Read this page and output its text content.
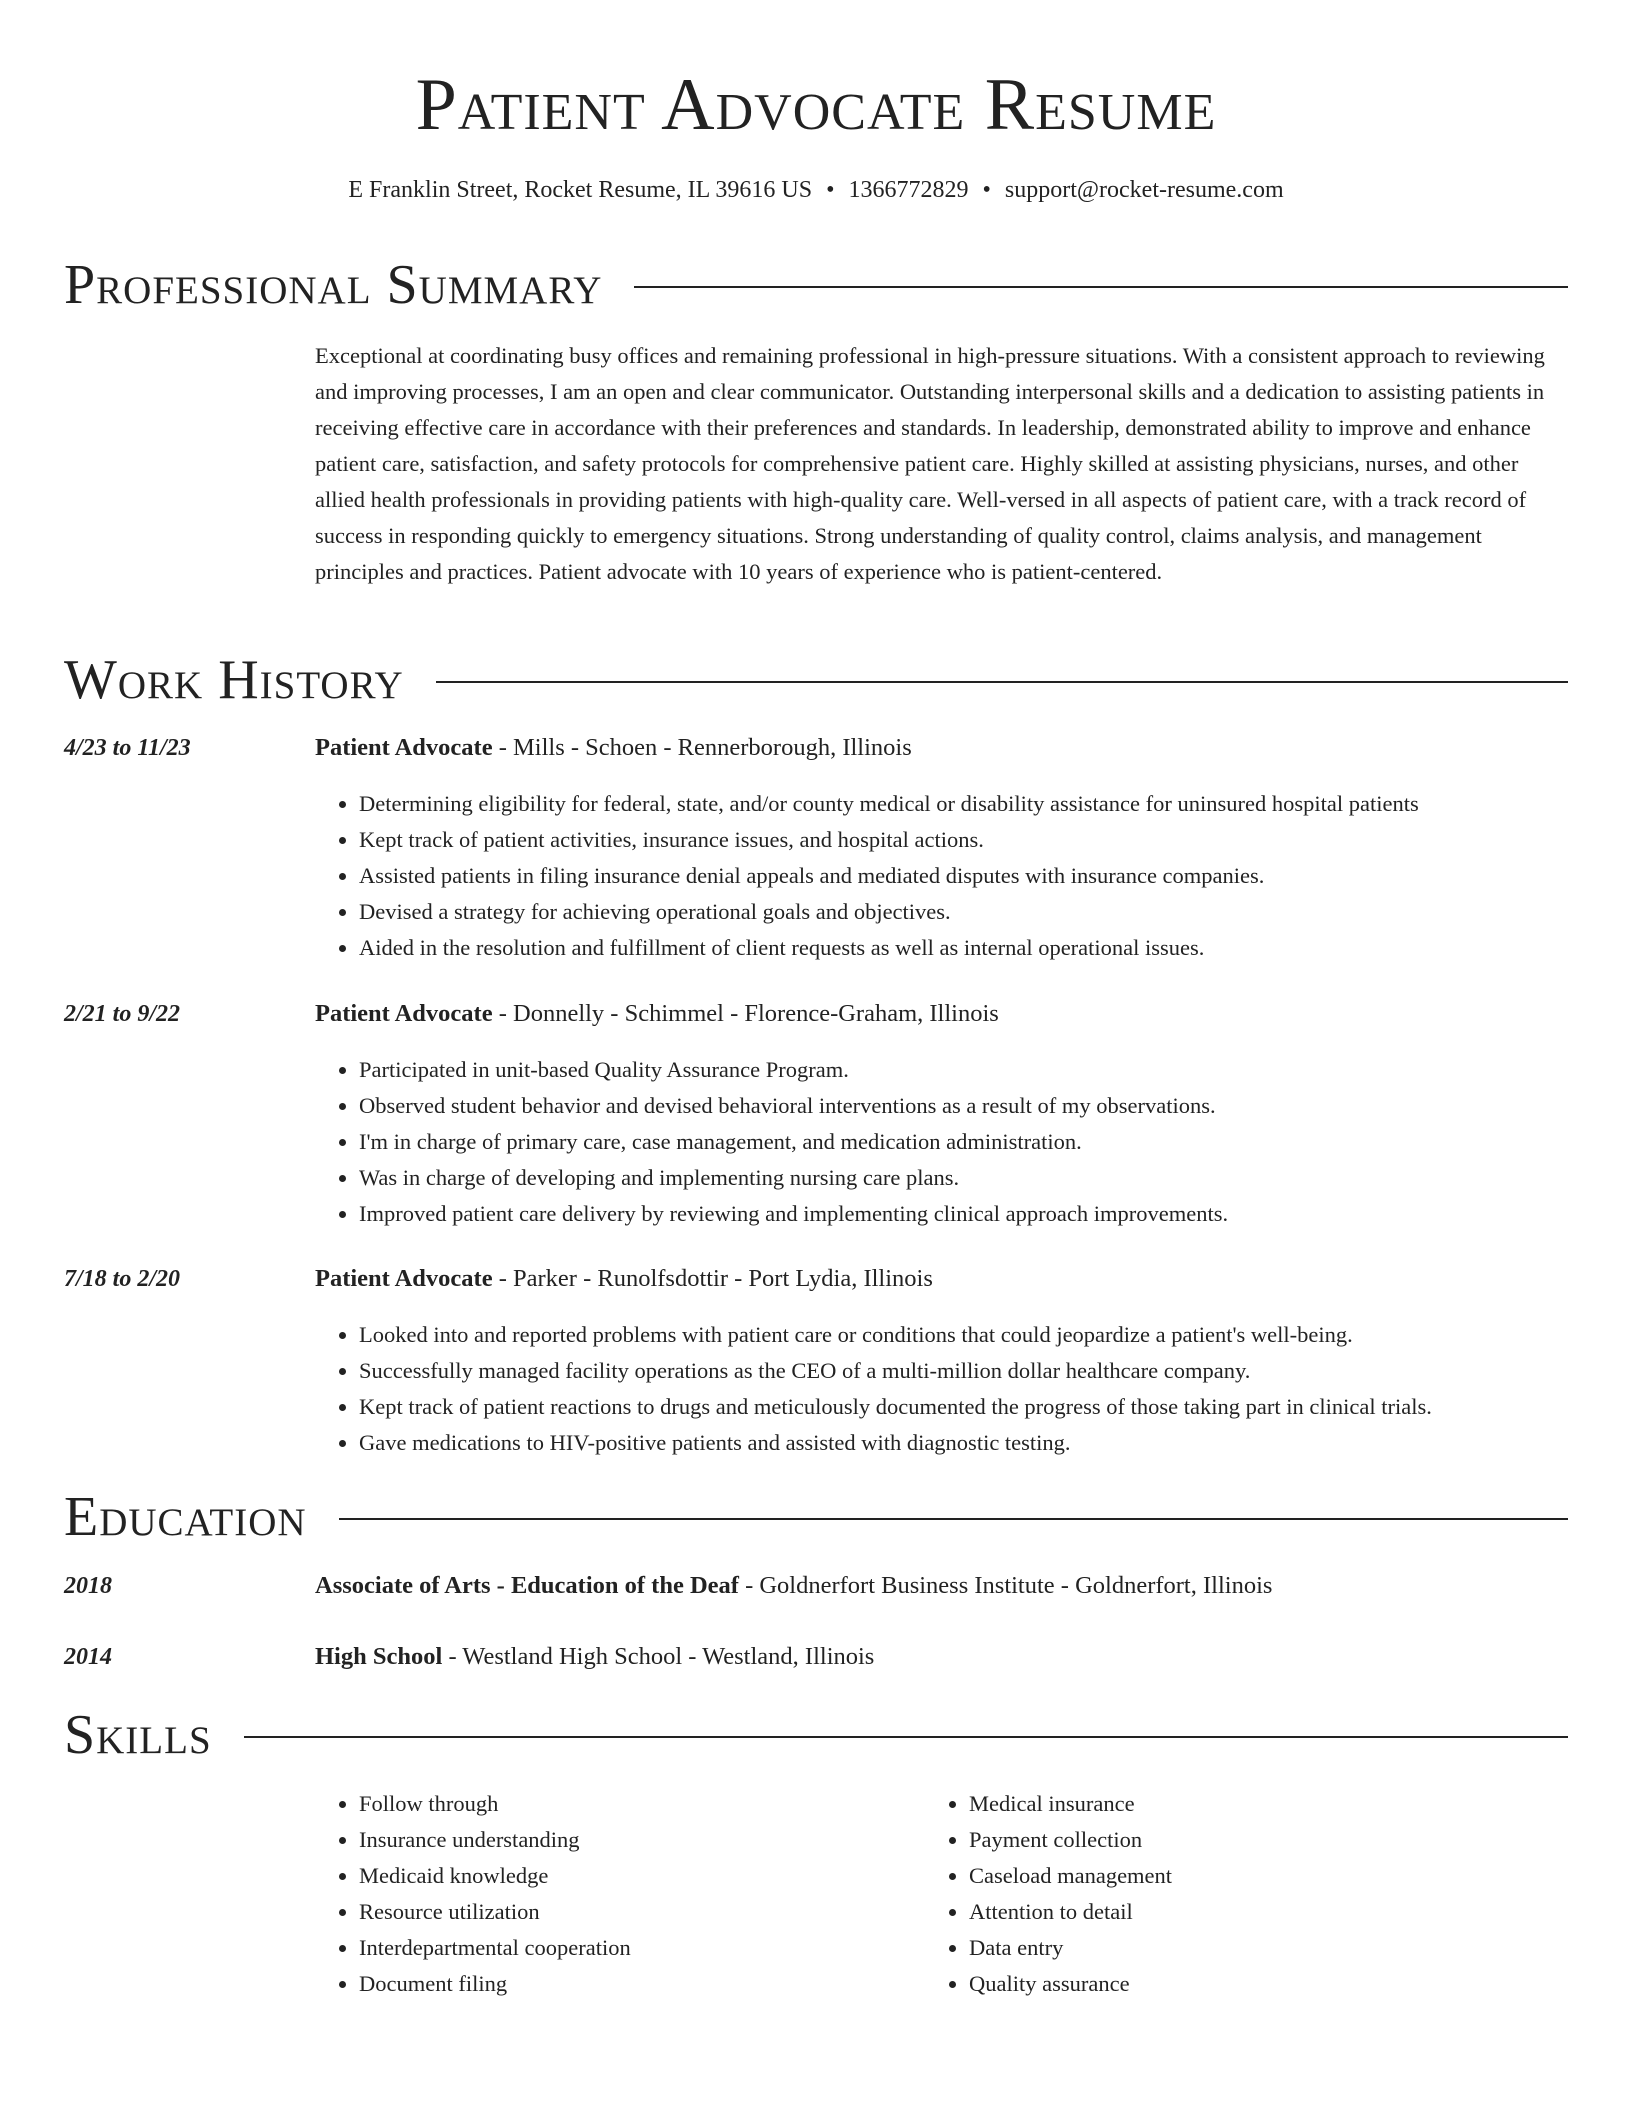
Patient Advocate Resume
E Franklin Street, Rocket Resume, IL 39616 US • 1366772829 • support@rocket-resume.com
Professional Summary

Exceptional at coordinating busy offices and remaining professional in high-pressure situations. With a consistent approach to reviewing and improving processes, I am an open and clear communicator. Outstanding interpersonal skills and a dedication to assisting patients in receiving effective care in accordance with their preferences and standards. In leadership, demonstrated ability to improve and enhance patient care, satisfaction, and safety protocols for comprehensive patient care. Highly skilled at assisting physicians, nurses, and other allied health professionals in providing patients with high-quality care. Well-versed in all aspects of patient care, with a track record of success in responding quickly to emergency situations. Strong understanding of quality control, claims analysis, and management principles and practices. Patient advocate with 10 years of experience who is patient-centered.

Work History
4/23 to 11/23	Patient Advocate - Mills - Schoen - Rennerborough, Illinois
• Determining eligibility for federal, state, and/or county medical or disability assistance for uninsured hospital patients
• Kept track of patient activities, insurance issues, and hospital actions.
• Assisted patients in filing insurance denial appeals and mediated disputes with insurance companies.
• Devised a strategy for achieving operational goals and objectives.
• Aided in the resolution and fulfillment of client requests as well as internal operational issues.
2/21 to 9/22	Patient Advocate - Donnelly - Schimmel - Florence-Graham, Illinois
• Participated in unit-based Quality Assurance Program.
• Observed student behavior and devised behavioral interventions as a result of my observations.
• I'm in charge of primary care, case management, and medication administration.
• Was in charge of developing and implementing nursing care plans.
• Improved patient care delivery by reviewing and implementing clinical approach improvements.
7/18 to 2/20	Patient Advocate - Parker - Runolfsdottir - Port Lydia, Illinois
• Looked into and reported problems with patient care or conditions that could jeopardize a patient's well-being.
• Successfully managed facility operations as the CEO of a multi-million dollar healthcare company.
• Kept track of patient reactions to drugs and meticulously documented the progress of those taking part in clinical trials.
• Gave medications to HIV-positive patients and assisted with diagnostic testing.
Education
2018	Associate of Arts - Education of the Deaf - Goldnerfort Business Institute - Goldnerfort, Illinois
2014	High School - Westland High School - Westland, Illinois
Skills
• Follow through
• Insurance understanding
• Medicaid knowledge
• Resource utilization
• Interdepartmental cooperation
• Document filing
• Medical insurance
• Payment collection
• Caseload management
• Attention to detail
• Data entry
• Quality assurance
